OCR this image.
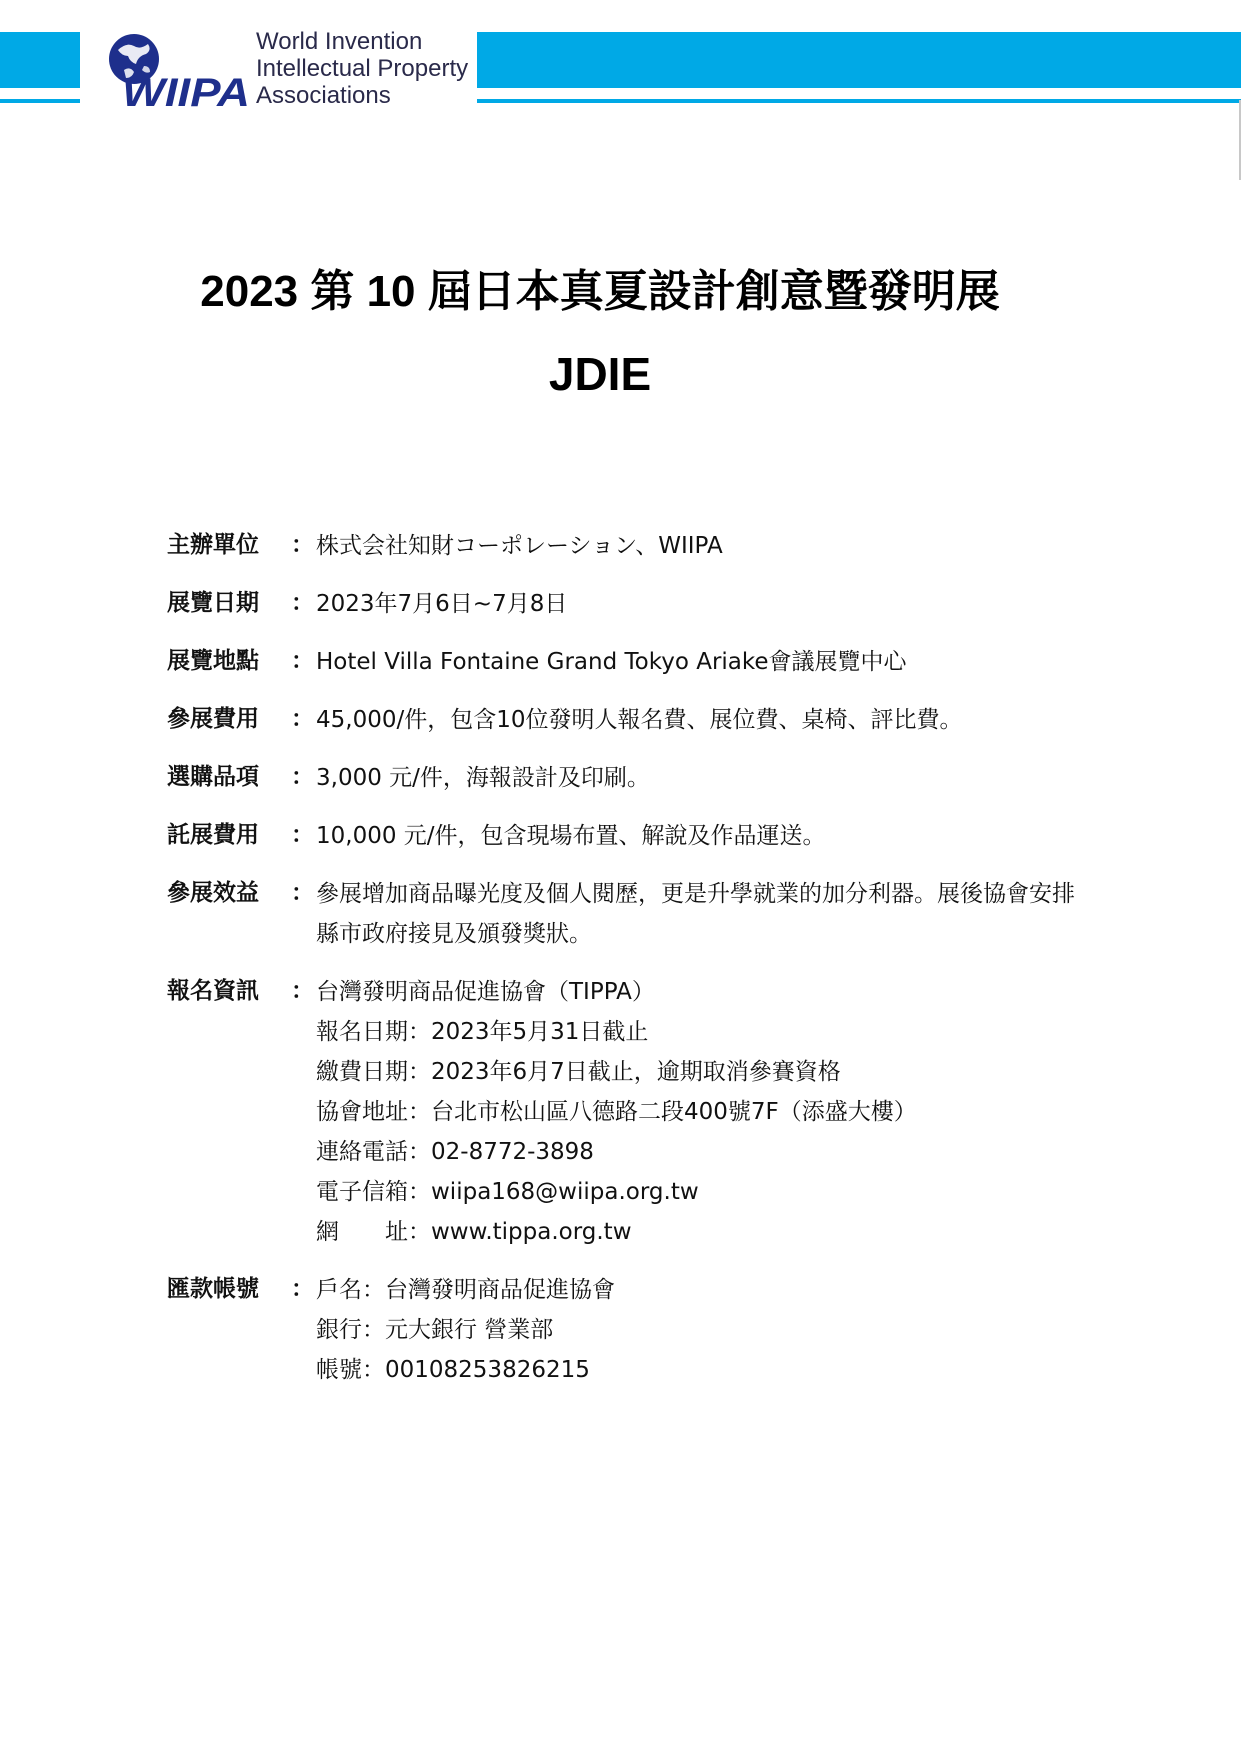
WIIPA
World Invention
Intellectual Property
Associations
2023 第 10 屆日本真夏設計創意暨發明展
JDIE
主辦單位	： 株式会社知財コーポレーション、WIIPA
展覽日期	： 2023年7月6日~7月8日
展覽地點	： Hotel Villa Fontaine Grand Tokyo Ariake會議展覽中心
參展費用	： 45,000/件，包含10位發明人報名費、展位費、桌椅、評比費。
選購品項	： 3,000 元/件，海報設計及印刷。
託展費用	： 10,000 元/件，包含現場布置、解說及作品運送。
參展效益	： 參展增加商品曝光度及個人閱歷，更是升學就業的加分利器。展後協會安排縣市政府接見及頒發獎狀。
報名資訊	： 台灣發明商品促進協會（TIPPA）
報名日期：2023年5月31日截止
繳費日期：2023年6月7日截止，逾期取消參賽資格
協會地址：台北市松山區八德路二段400號7F（添盛大樓）
連絡電話：02-8772-3898
電子信箱：wiipa168@wiipa.org.tw
網　　址：www.tippa.org.tw
匯款帳號	： 戶名：台灣發明商品促進協會
銀行：元大銀行 營業部
帳號：00108253826215
